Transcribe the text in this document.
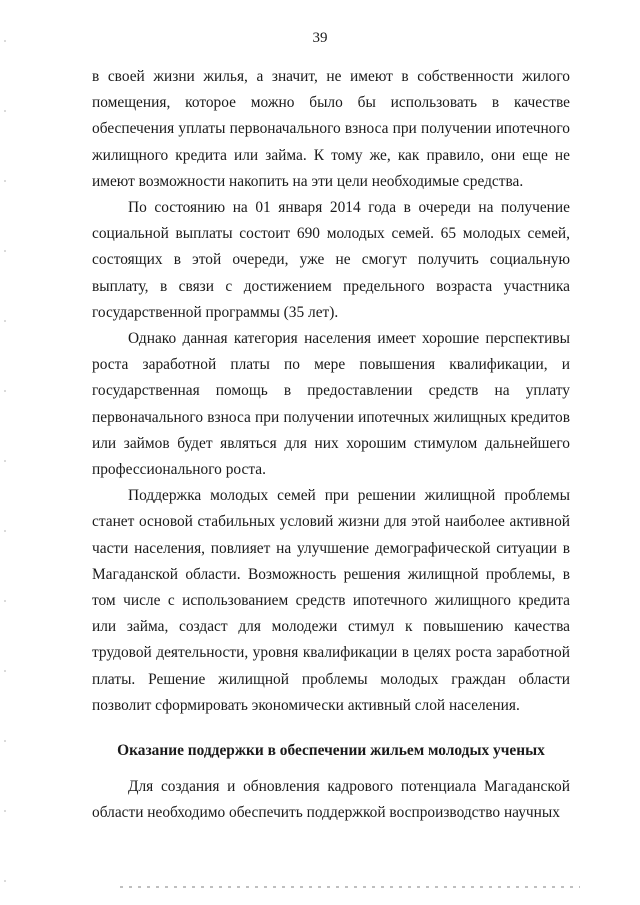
39

в своей жизни жилья, а значит, не имеют в собственности жилого помещения, которое можно было бы использовать в качестве обеспечения уплаты первоначального взноса при получении ипотечного жилищного кредита или займа. К тому же, как правило, они еще не имеют возможности накопить на эти цели необходимые средства.

По состоянию на 01 января 2014 года в очереди на получение социальной выплаты состоит 690 молодых семей. 65 молодых семей, состоящих в этой очереди, уже не смогут получить социальную выплату, в связи с достижением предельного возраста участника государственной программы (35 лет).

Однако данная категория населения имеет хорошие перспективы роста заработной платы по мере повышения квалификации, и государственная помощь в предоставлении средств на уплату первоначального взноса при получении ипотечных жилищных кредитов или займов будет являться для них хорошим стимулом дальнейшего профессионального роста.

Поддержка молодых семей при решении жилищной проблемы станет основой стабильных условий жизни для этой наиболее активной части населения, повлияет на улучшение демографической ситуации в Магаданской области. Возможность решения жилищной проблемы, в том числе с использованием средств ипотечного жилищного кредита или займа, создаст для молодежи стимул к повышению качества трудовой деятельности, уровня квалификации в целях роста заработной платы. Решение жилищной проблемы молодых граждан области позволит сформировать экономически активный слой населения.

Оказание поддержки в обеспечении жильем молодых ученых

Для создания и обновления кадрового потенциала Магаданской области необходимо обеспечить поддержкой воспроизводство научных
